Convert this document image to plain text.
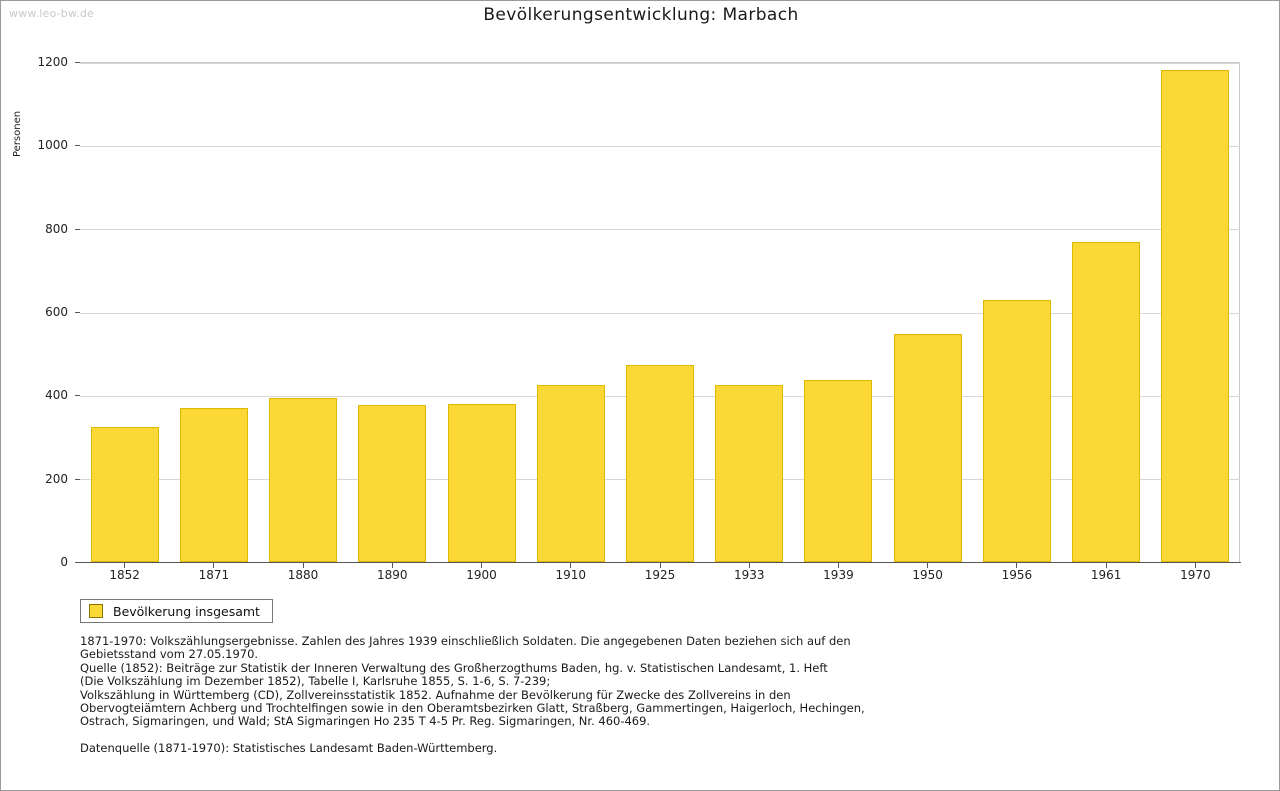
www.leo-bw.de	Bevölkerungsentwicklung: Marbach
Personen
Bevölkerung insgesamt

1871-1970: Volkszählungsergebnisse. Zahlen des Jahres 1939 einschließlich Soldaten. Die angegebenen Daten beziehen sich auf den

Gebietsstand vom 27.05.1970.

Quelle (1852): Beiträge zur Statistik der Inneren Verwaltung des Großherzogthums Baden, hg. v. Statistischen Landesamt, 1. Heft

(Die Volkszählung im Dezember 1852), Tabelle I, Karlsruhe 1855, S. 1-6, S. 7-239;

Volkszählung in Württemberg (CD), Zollvereinsstatistik 1852. Aufnahme der Bevölkerung für Zwecke des Zollvereins in den

Obervogteiämtern Achberg und Trochtelfingen sowie in den Oberamtsbezirken Glatt, Straßberg, Gammertingen, Haigerloch, Hechingen,

Ostrach, Sigmaringen, und Wald; StA Sigmaringen Ho 235 T 4-5 Pr. Reg. Sigmaringen, Nr. 460-469.

Datenquelle (1871-1970): Statistisches Landesamt Baden-Württemberg.

0
200
400
600
800
1000
1200
1852	1871	1880	1890	1900	1910	1925	1933	1939	1950	1956	1961	1970
